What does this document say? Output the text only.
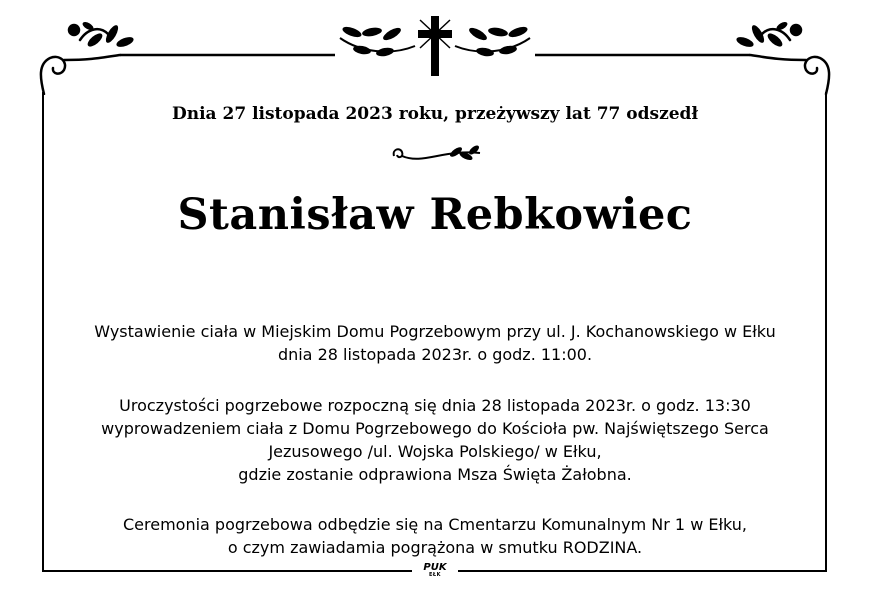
Dnia 27 listopada 2023 roku, przeżywszy lat 77 odszedł

Stanisław Rebkowiec

Wystawienie ciała w Miejskim Domu Pogrzebowym przy ul. J. Kochanowskiego w Ełku
dnia 28 listopada 2023r. o godz. 11:00.

Uroczystości pogrzebowe rozpoczną się dnia 28 listopada 2023r. o godz. 13:30
wyprowadzeniem ciała z Domu Pogrzebowego do Kościoła pw. Najświętszego Serca
Jezusowego /ul. Wojska Polskiego/ w Ełku,
gdzie zostanie odprawiona Msza Święta Żałobna.

Ceremonia pogrzebowa odbędzie się na Cmentarzu Komunalnym Nr 1 w Ełku,
o czym zawiadamia pogrążona w smutku RODZINA.

PUK
EŁK
